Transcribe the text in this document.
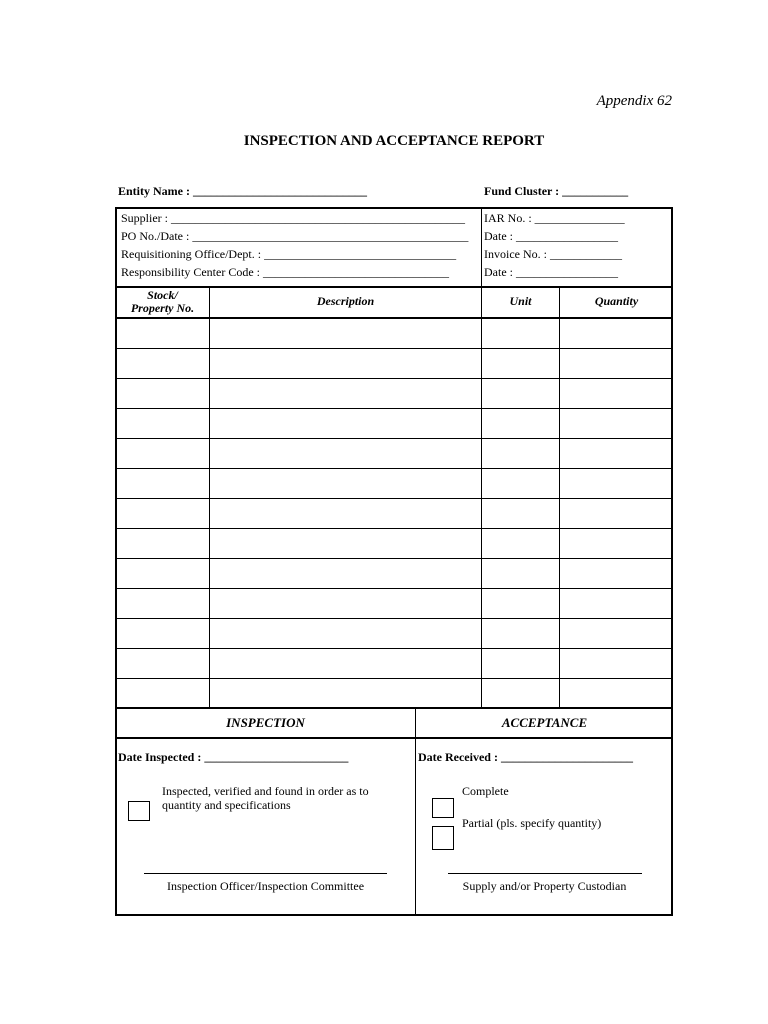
Appendix 62
INSPECTION AND ACCEPTANCE REPORT
Entity Name : _____________________________	Fund Cluster : ___________
Supplier : _________________________________________________
PO No./Date : ______________________________________________
Requisitioning Office/Dept. : ________________________________
Responsibility Center Code : _______________________________
IAR No. : _______________
Date : _________________
Invoice No. : ____________
Date : _________________
Stock/
Property No.	Description	Unit	Quantity
INSPECTION	ACCEPTANCE
Date Inspected : ________________________	Date Received : ______________________
Inspected, verified and found in order as to
quantity and specifications
Complete
Partial (pls. specify quantity)
Inspection Officer/Inspection Committee	Supply and/or Property Custodian
